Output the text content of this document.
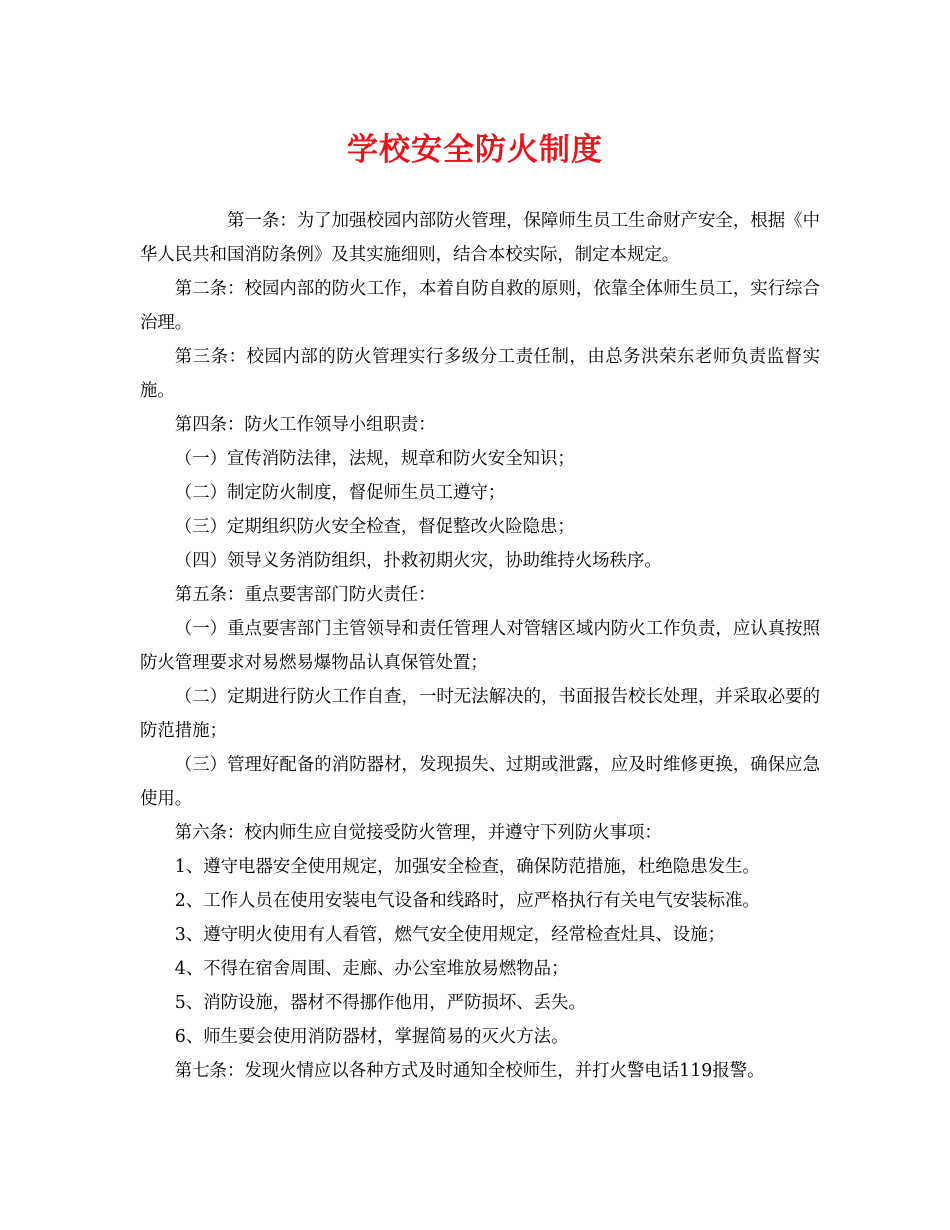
学校安全防火制度

第一条：为了加强校园内部防火管理，保障师生员工生命财产安全，根据《中华人民共和国消防条例》及其实施细则，结合本校实际，制定本规定。

第二条：校园内部的防火工作，本着自防自救的原则，依靠全体师生员工，实行综合治理。

第三条：校园内部的防火管理实行多级分工责任制，由总务洪荣东老师负责监督实施。

第四条：防火工作领导小组职责：

（一）宣传消防法律，法规，规章和防火安全知识；

（二）制定防火制度，督促师生员工遵守；

（三）定期组织防火安全检查，督促整改火险隐患；

（四）领导义务消防组织，扑救初期火灾，协助维持火场秩序。

第五条：重点要害部门防火责任：

（一）重点要害部门主管领导和责任管理人对管辖区域内防火工作负责，应认真按照防火管理要求对易燃易爆物品认真保管处置；

（二）定期进行防火工作自查，一时无法解决的，书面报告校长处理，并采取必要的防范措施；

（三）管理好配备的消防器材，发现损失、过期或泄露，应及时维修更换，确保应急使用。

第六条：校内师生应自觉接受防火管理，并遵守下列防火事项：

1、遵守电器安全使用规定，加强安全检查，确保防范措施，杜绝隐患发生。

2、工作人员在使用安装电气设备和线路时，应严格执行有关电气安装标准。

3、遵守明火使用有人看管，燃气安全使用规定，经常检查灶具、设施；

4、不得在宿舍周围、走廊、办公室堆放易燃物品；

5、消防设施，器材不得挪作他用，严防损坏、丢失。

6、师生要会使用消防器材，掌握简易的灭火方法。

第七条：发现火情应以各种方式及时通知全校师生，并打火警电话119报警。
